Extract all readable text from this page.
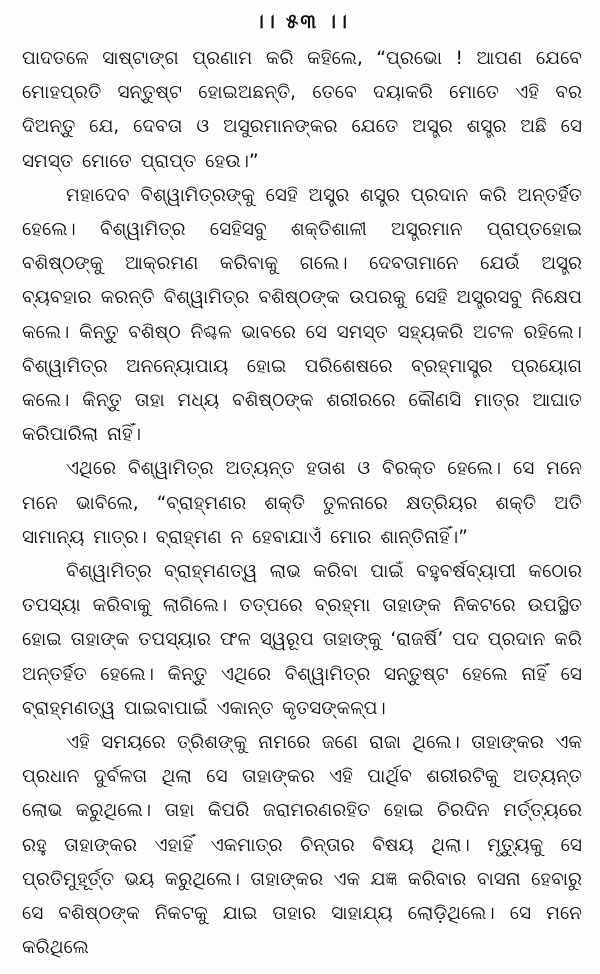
।। ୫୩ ।।

ପାଦତଳେ ସାଷ୍ଟାଙ୍ଗ ପ୍ରଣାମ କରି କହିଲେ, “ପ୍ରଭୋ ! ଆପଣ ଯେବେ ମୋହପ୍ରତି ସନ୍ତୁଷ୍ଟ ହୋଇଅଛନ୍ତି, ତେବେ ଦୟାକରି ମୋତେ ଏହି ବର ଦିଅନ୍ତୁ ଯେ, ଦେବତା ଓ ଅସୁରମାନଙ୍କର ଯେତେ ଅସ୍ତ୍ର ଶସ୍ତ୍ର ଅଛି ସେ ସମସ୍ତ ମୋତେ ପ୍ରାପ୍ତ ହେଉ।”

ମହାଦେବ ବିଶ୍ୱାମିତ୍ରଙ୍କୁ ସେହି ଅସ୍ତ୍ର ଶସ୍ତ୍ର ପ୍ରଦାନ କରି ଅନ୍ତର୍ହିତ ହେଲେ। ବିଶ୍ୱାମିତ୍ର ସେହିସବୁ ଶକ୍ତିଶାଳୀ ଅସ୍ତ୍ରମାନ ପ୍ରାପ୍ତହୋଇ ବଶିଷ୍ଠଙ୍କୁ ଆକ୍ରମଣ କରିବାକୁ ଗଲେ। ଦେବତାମାନେ ଯେଉଁ ଅସ୍ତ୍ର ବ୍ୟବହାର କରନ୍ତି ବିଶ୍ୱାମିତ୍ର ବଶିଷ୍ଠଙ୍କ ଉପରକୁ ସେହି ଅସ୍ତ୍ରସବୁ ନିକ୍ଷେପ କଲେ। କିନ୍ତୁ ବଶିଷ୍ଠ ନିଶ୍ଚଳ ଭାବରେ ସେ ସମସ୍ତ ସହ୍ୟକରି ଅଟଳ ରହିଲେ। ବିଶ୍ୱାମିତ୍ର ଅନନ୍ୟୋପାୟ ହୋଇ ପରିଶେଷରେ ବ୍ରହ୍ମାସ୍ତ୍ର ପ୍ରୟୋଗ କଲେ। କିନ୍ତୁ ତାହା ମଧ୍ୟ ବଶିଷ୍ଠଙ୍କ ଶରୀରରେ କୌଣସି ମାତ୍ର ଆଘାତ କରିପାରିଲା ନାହିଁ।

ଏଥିରେ ବିଶ୍ୱାମିତ୍ର ଅତ୍ୟନ୍ତ ହତାଶ ଓ ବିରକ୍ତ ହେଲେ। ସେ ମନେ ମନେ ଭାବିଲେ, “ବ୍ରାହ୍ମଣର ଶକ୍ତି ତୁଳନାରେ କ୍ଷତ୍ରିୟର ଶକ୍ତି ଅତି ସାମାନ୍ୟ ମାତ୍ର। ବ୍ରାହ୍ମଣ ନ ହେବାଯାଏଁ ମୋର ଶାନ୍ତିନାହିଁ।”

ବିଶ୍ୱାମିତ୍ର ବ୍ରାହ୍ମଣତ୍ୱ ଲାଭ କରିବା ପାଇଁ ବହୁବର୍ଷବ୍ୟାପୀ କଠୋର ତପସ୍ୟା କରିବାକୁ ଲାଗିଲେ। ତତ୍ପରେ ବ୍ରହ୍ମା ତାହାଙ୍କ ନିକଟରେ ଉପସ୍ଥିତ ହୋଇ ତାହାଙ୍କ ତପସ୍ୟାର ଫଳ ସ୍ୱରୂପ ତାହାଙ୍କୁ ‘ରାଜର୍ଷି’ ପଦ ପ୍ରଦାନ କରି ଅନ୍ତର୍ହିତ ହେଲେ। କିନ୍ତୁ ଏଥିରେ ବିଶ୍ୱାମିତ୍ର ସନ୍ତୁଷ୍ଟ ହେଲେ ନାହିଁ ସେ ବ୍ରାହ୍ମଣତ୍ୱ ପାଇବାପାଇଁ ଏକାନ୍ତ କୃତସଙ୍କଳ୍ପ।

ଏହି ସମୟରେ ତ୍ରିଶଙ୍କୁ ନାମରେ ଜଣେ ରାଜା ଥିଲେ। ତାହାଙ୍କର ଏକ ପ୍ରଧାନ ଦୁର୍ବଳତା ଥିଲା ସେ ତାହାଙ୍କର ଏହି ପାର୍ଥିବ ଶରୀରଟିକୁ ଅତ୍ୟନ୍ତ ଲୋଭ କରୁଥିଲେ। ତାହା କିପରି ଜରାମରଣରହିତ ହୋଇ ଚିରଦିନ ମର୍ତ୍ତ୍ୟରେ ରହୁ ତାହାଙ୍କର ଏହାହିଁ ଏକମାତ୍ର ଚିନ୍ତାର ବିଷୟ ଥିଲା। ମୃତ୍ୟୁକୁ ସେ ପ୍ରତିମୁହୂର୍ତ୍ତ ଭୟ କରୁଥିଲେ। ତାହାଙ୍କର ଏକ ଯଜ୍ଞ କରିବାର ବାସନା ହେବାରୁ ସେ ବଶିଷ୍ଠଙ୍କ ନିକଟକୁ ଯାଇ ତାହାର ସାହାଯ୍ୟ ଲୋଡ଼ିଥିଲେ। ସେ ମନେ କରିଥିଲେ
